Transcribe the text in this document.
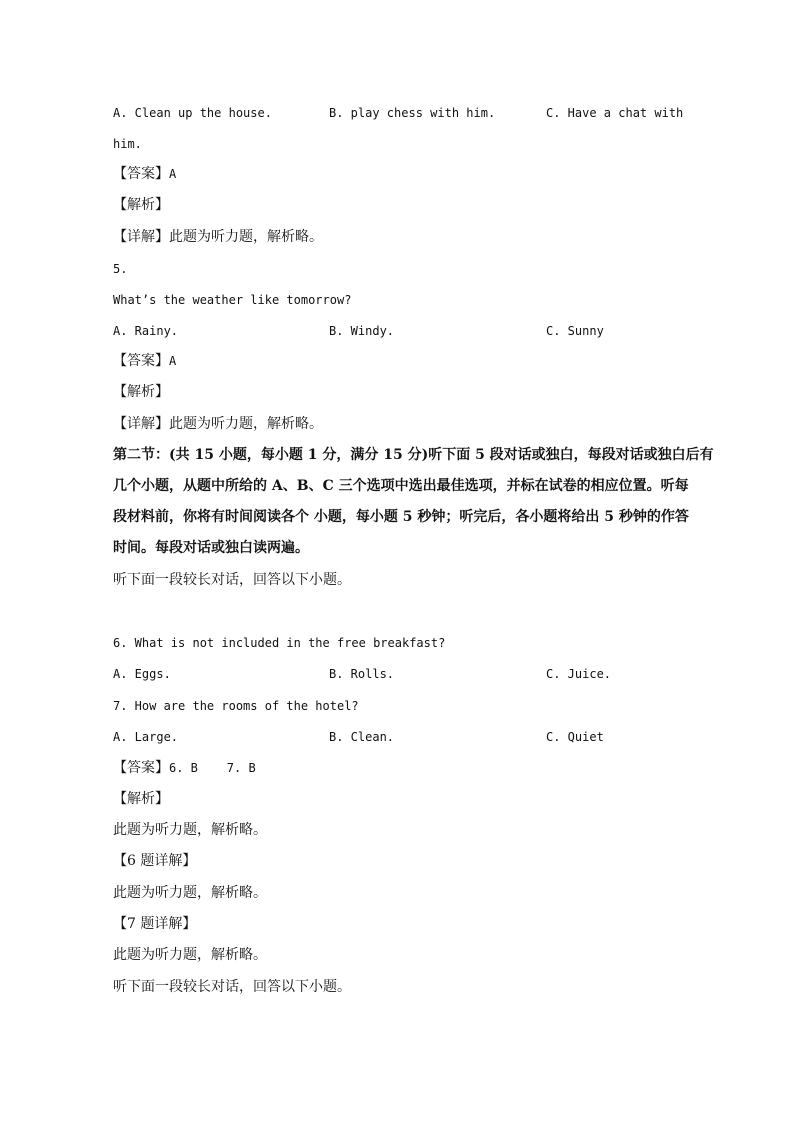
A. Clean up the house.	B. play chess with him.	C. Have a chat with
him.
【答案】A
【解析】
【详解】此题为听力题，解析略。
5.
What’s the weather like tomorrow?
A. Rainy.	B. Windy.	C. Sunny
【答案】A
【解析】
【详解】此题为听力题，解析略。
第二节：(共 15 小题，每小题 1 分，满分 15 分)听下面 5 段对话或独白，每段对话或独白后有
几个小题，从题中所给的 A、B、C 三个选项中选出最佳选项，并标在试卷的相应位置。听每
段材料前，你将有时间阅读各个 小题，每小题 5 秒钟；听完后，各小题将给出 5 秒钟的作答
时间。每段对话或独白读两遍。
听下面一段较长对话，回答以下小题。
6. What is not included in the free breakfast?
A. Eggs.	B. Rolls.	C. Juice.
7. How are the rooms of the hotel?
A. Large.	B. Clean.	C. Quiet
【答案】6. B    7. B
【解析】
此题为听力题，解析略。
【6 题详解】
此题为听力题，解析略。
【7 题详解】
此题为听力题，解析略。
听下面一段较长对话，回答以下小题。
